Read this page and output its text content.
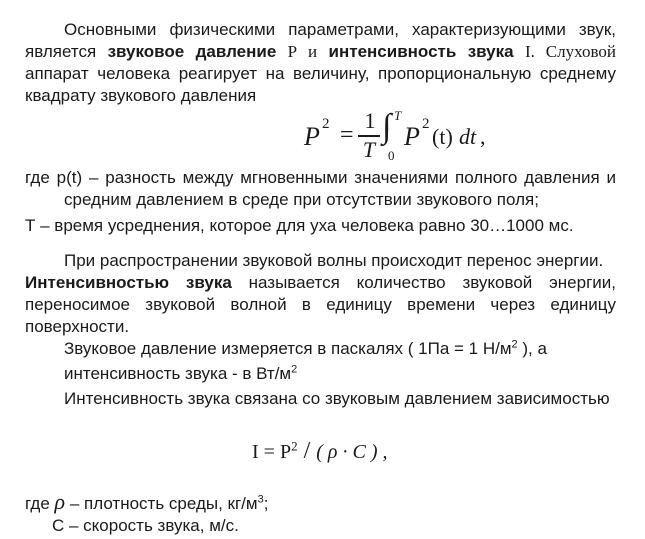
Основными физическими параметрами, характеризующими звук,
является звуковое давление Р и интенсивность звука I. Слуховой
аппарат человека реагирует на величину, пропорциональную среднему
квадрату звукового давления
P 2 =
1
T
∫ T
0
P 2 (t) dt ,
где p(t) – разность между мгновенными значениями полного давления и
средним давлением в среде при отсутствии звукового поля;
Т – время усреднения, которое для уха человека равно 30…1000 мс.
При распространении звуковой волны происходит перенос энергии.
Интенсивностью звука называется количество звуковой энергии,
переносимое звуковой волной в единицу времени через единицу
поверхности.
Звуковое давление измеряется в паскалях ( 1Па = 1 $Н/м^2$ ), а
интенсивность звука - в $Вт/м^2$
Интенсивность звука связана со звуковым давлением зависимостью
$I = Р^2$ / ( ρ · C ) ,
где ρ – плотность среды, $кг/м^3$;
С – скорость звука, м/с.
